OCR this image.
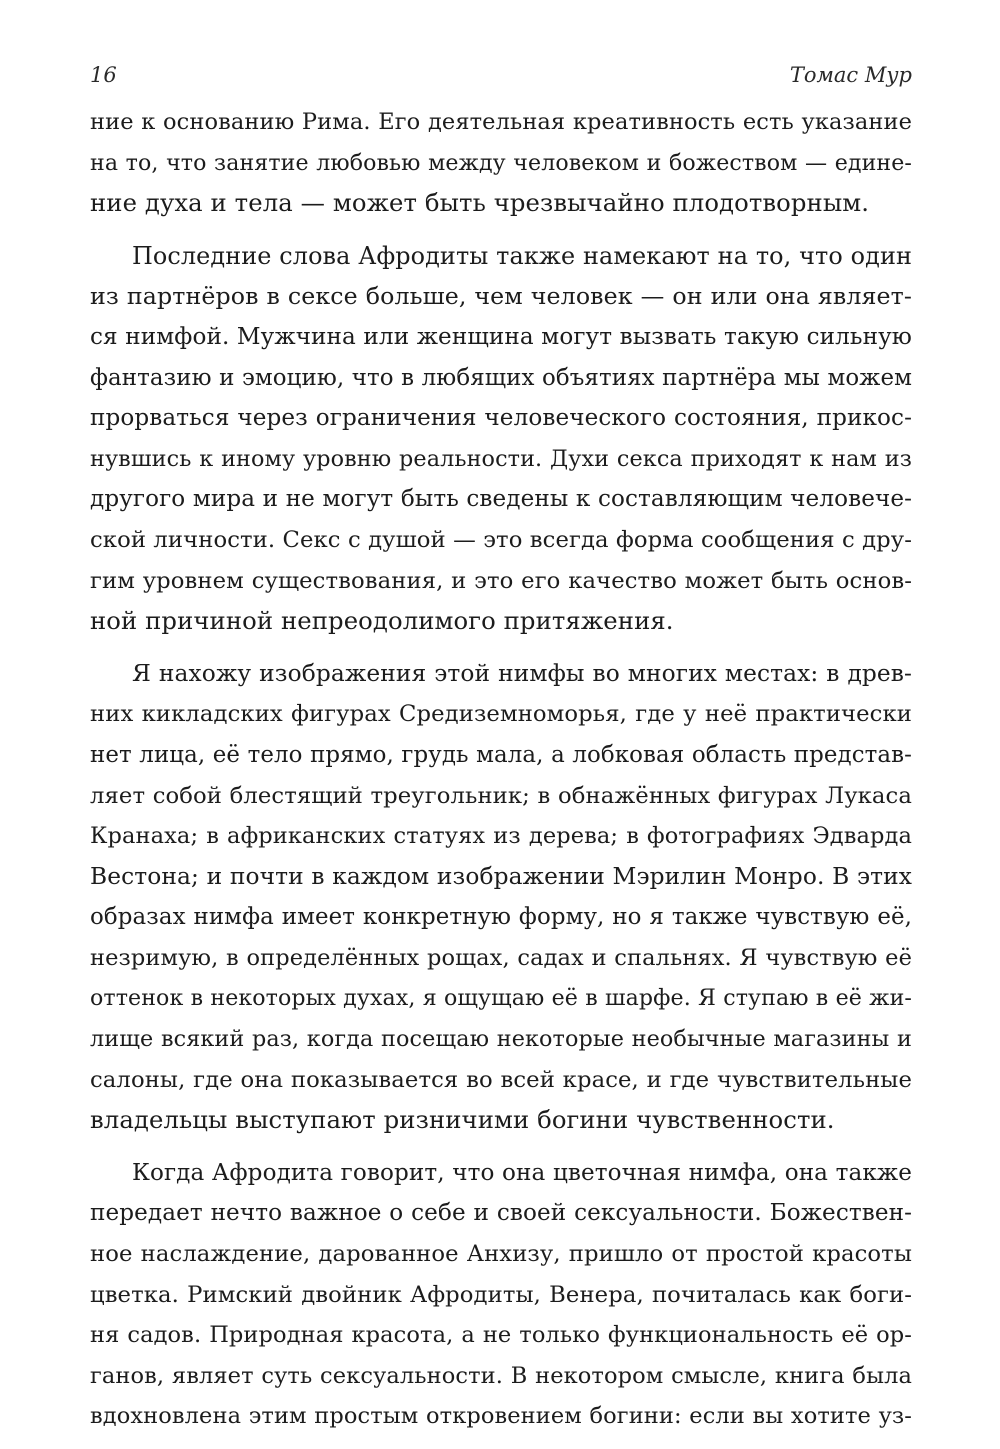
16	Томас Мур
ние к основанию Рима. Его деятельная креативность есть указание
на то, что занятие любовью между человеком и божеством — едине-
ние духа и тела — может быть чрезвычайно плодотворным.
Последние слова Афродиты также намекают на то, что один
из партнёров в сексе больше, чем человек — он или она являет-
ся нимфой. Мужчина или женщина могут вызвать такую сильную
фантазию и эмоцию, что в любящих объятиях партнёра мы можем
прорваться через ограничения человеческого состояния, прикос-
нувшись к иному уровню реальности. Духи секса приходят к нам из
другого мира и не могут быть сведены к составляющим человече-
ской личности. Секс с душой — это всегда форма сообщения с дру-
гим уровнем существования, и это его качество может быть основ-
ной причиной непреодолимого притяжения.
Я нахожу изображения этой нимфы во многих местах: в древ-
них кикладских фигурах Средиземноморья, где у неё практически
нет лица, её тело прямо, грудь мала, а лобковая область представ-
ляет собой блестящий треугольник; в обнажённых фигурах Лукаса
Кранаха; в африканских статуях из дерева; в фотографиях Эдварда
Вестона; и почти в каждом изображении Мэрилин Монро. В этих
образах нимфа имеет конкретную форму, но я также чувствую её,
незримую, в определённых рощах, садах и спальнях. Я чувствую её
оттенок в некоторых духах, я ощущаю её в шарфе. Я ступаю в её жи-
лище всякий раз, когда посещаю некоторые необычные магазины и
салоны, где она показывается во всей красе, и где чувствительные
владельцы выступают ризничими богини чувственности.
Когда Афродита говорит, что она цветочная нимфа, она также
передает нечто важное о себе и своей сексуальности. Божествен-
ное наслаждение, дарованное Анхизу, пришло от простой красоты
цветка. Римский двойник Афродиты, Венера, почиталась как боги-
ня садов. Природная красота, а не только функциональность её ор-
ганов, являет суть сексуальности. В некотором смысле, книга была
вдохновлена этим простым откровением богини: если вы хотите уз-
